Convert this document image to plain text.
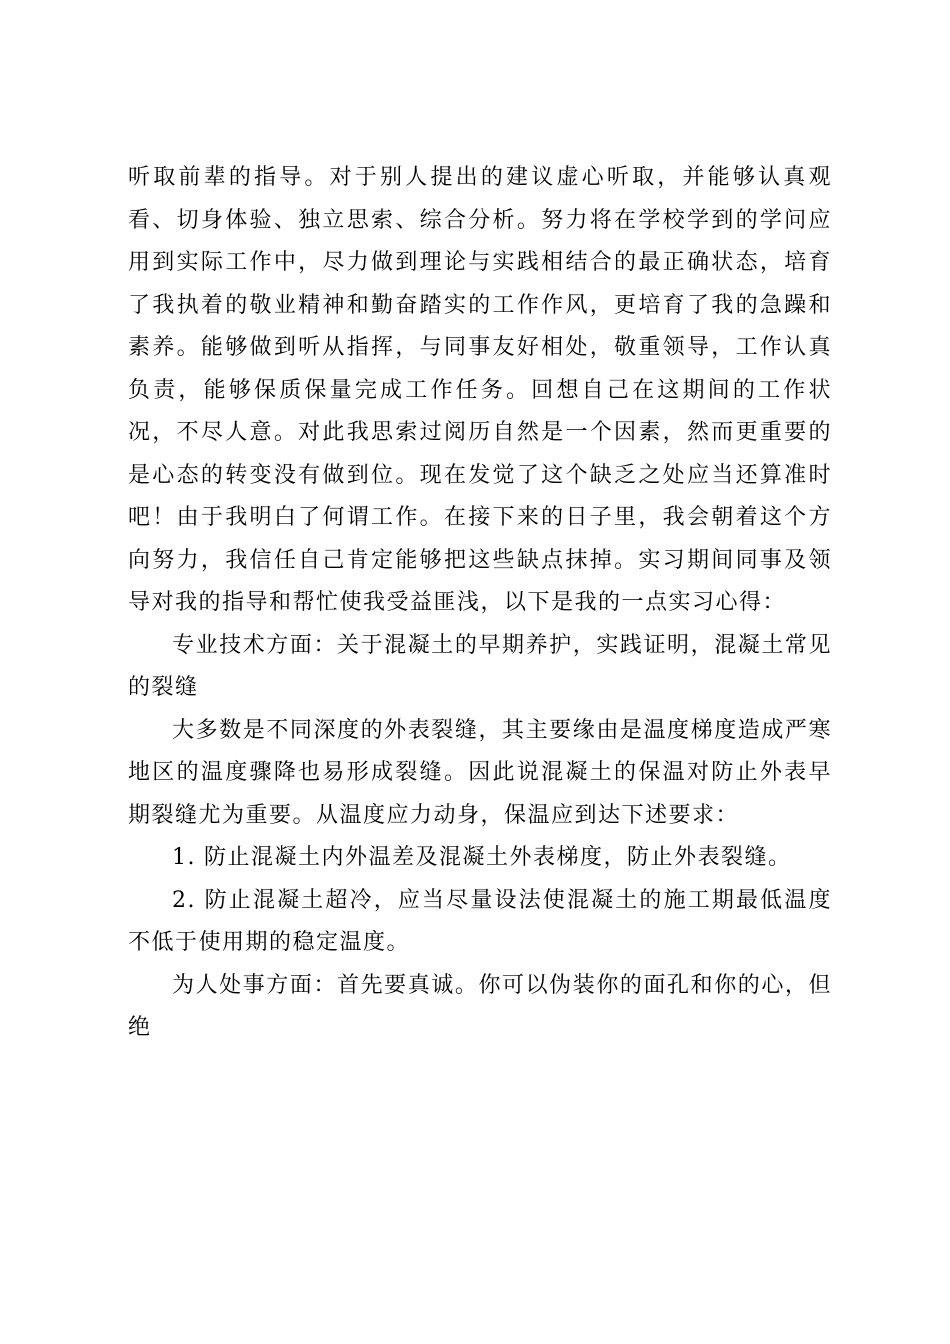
听取前辈的指导。对于别人提出的建议虚心听取，并能够认真观看、切身体验、独立思索、综合分析。努力将在学校学到的学问应用到实际工作中，尽力做到理论与实践相结合的最正确状态，培育了我执着的敬业精神和勤奋踏实的工作作风，更培育了我的急躁和素养。能够做到听从指挥，与同事友好相处，敬重领导，工作认真负责，能够保质保量完成工作任务。回想自己在这期间的工作状况，不尽人意。对此我思索过阅历自然是一个因素，然而更重要的是心态的转变没有做到位。现在发觉了这个缺乏之处应当还算准时吧！由于我明白了何谓工作。在接下来的日子里，我会朝着这个方向努力，我信任自己肯定能够把这些缺点抹掉。实习期间同事及领导对我的指导和帮忙使我受益匪浅，以下是我的一点实习心得：

专业技术方面：关于混凝土的早期养护，实践证明，混凝土常见的裂缝

大多数是不同深度的外表裂缝，其主要缘由是温度梯度造成严寒地区的温度骤降也易形成裂缝。因此说混凝土的保温对防止外表早期裂缝尤为重要。从温度应力动身，保温应到达下述要求：

1. 防止混凝土内外温差及混凝土外表梯度，防止外表裂缝。

2. 防止混凝土超冷，应当尽量设法使混凝土的施工期最低温度不低于使用期的稳定温度。

为人处事方面：首先要真诚。你可以伪装你的面孔和你的心，但绝
